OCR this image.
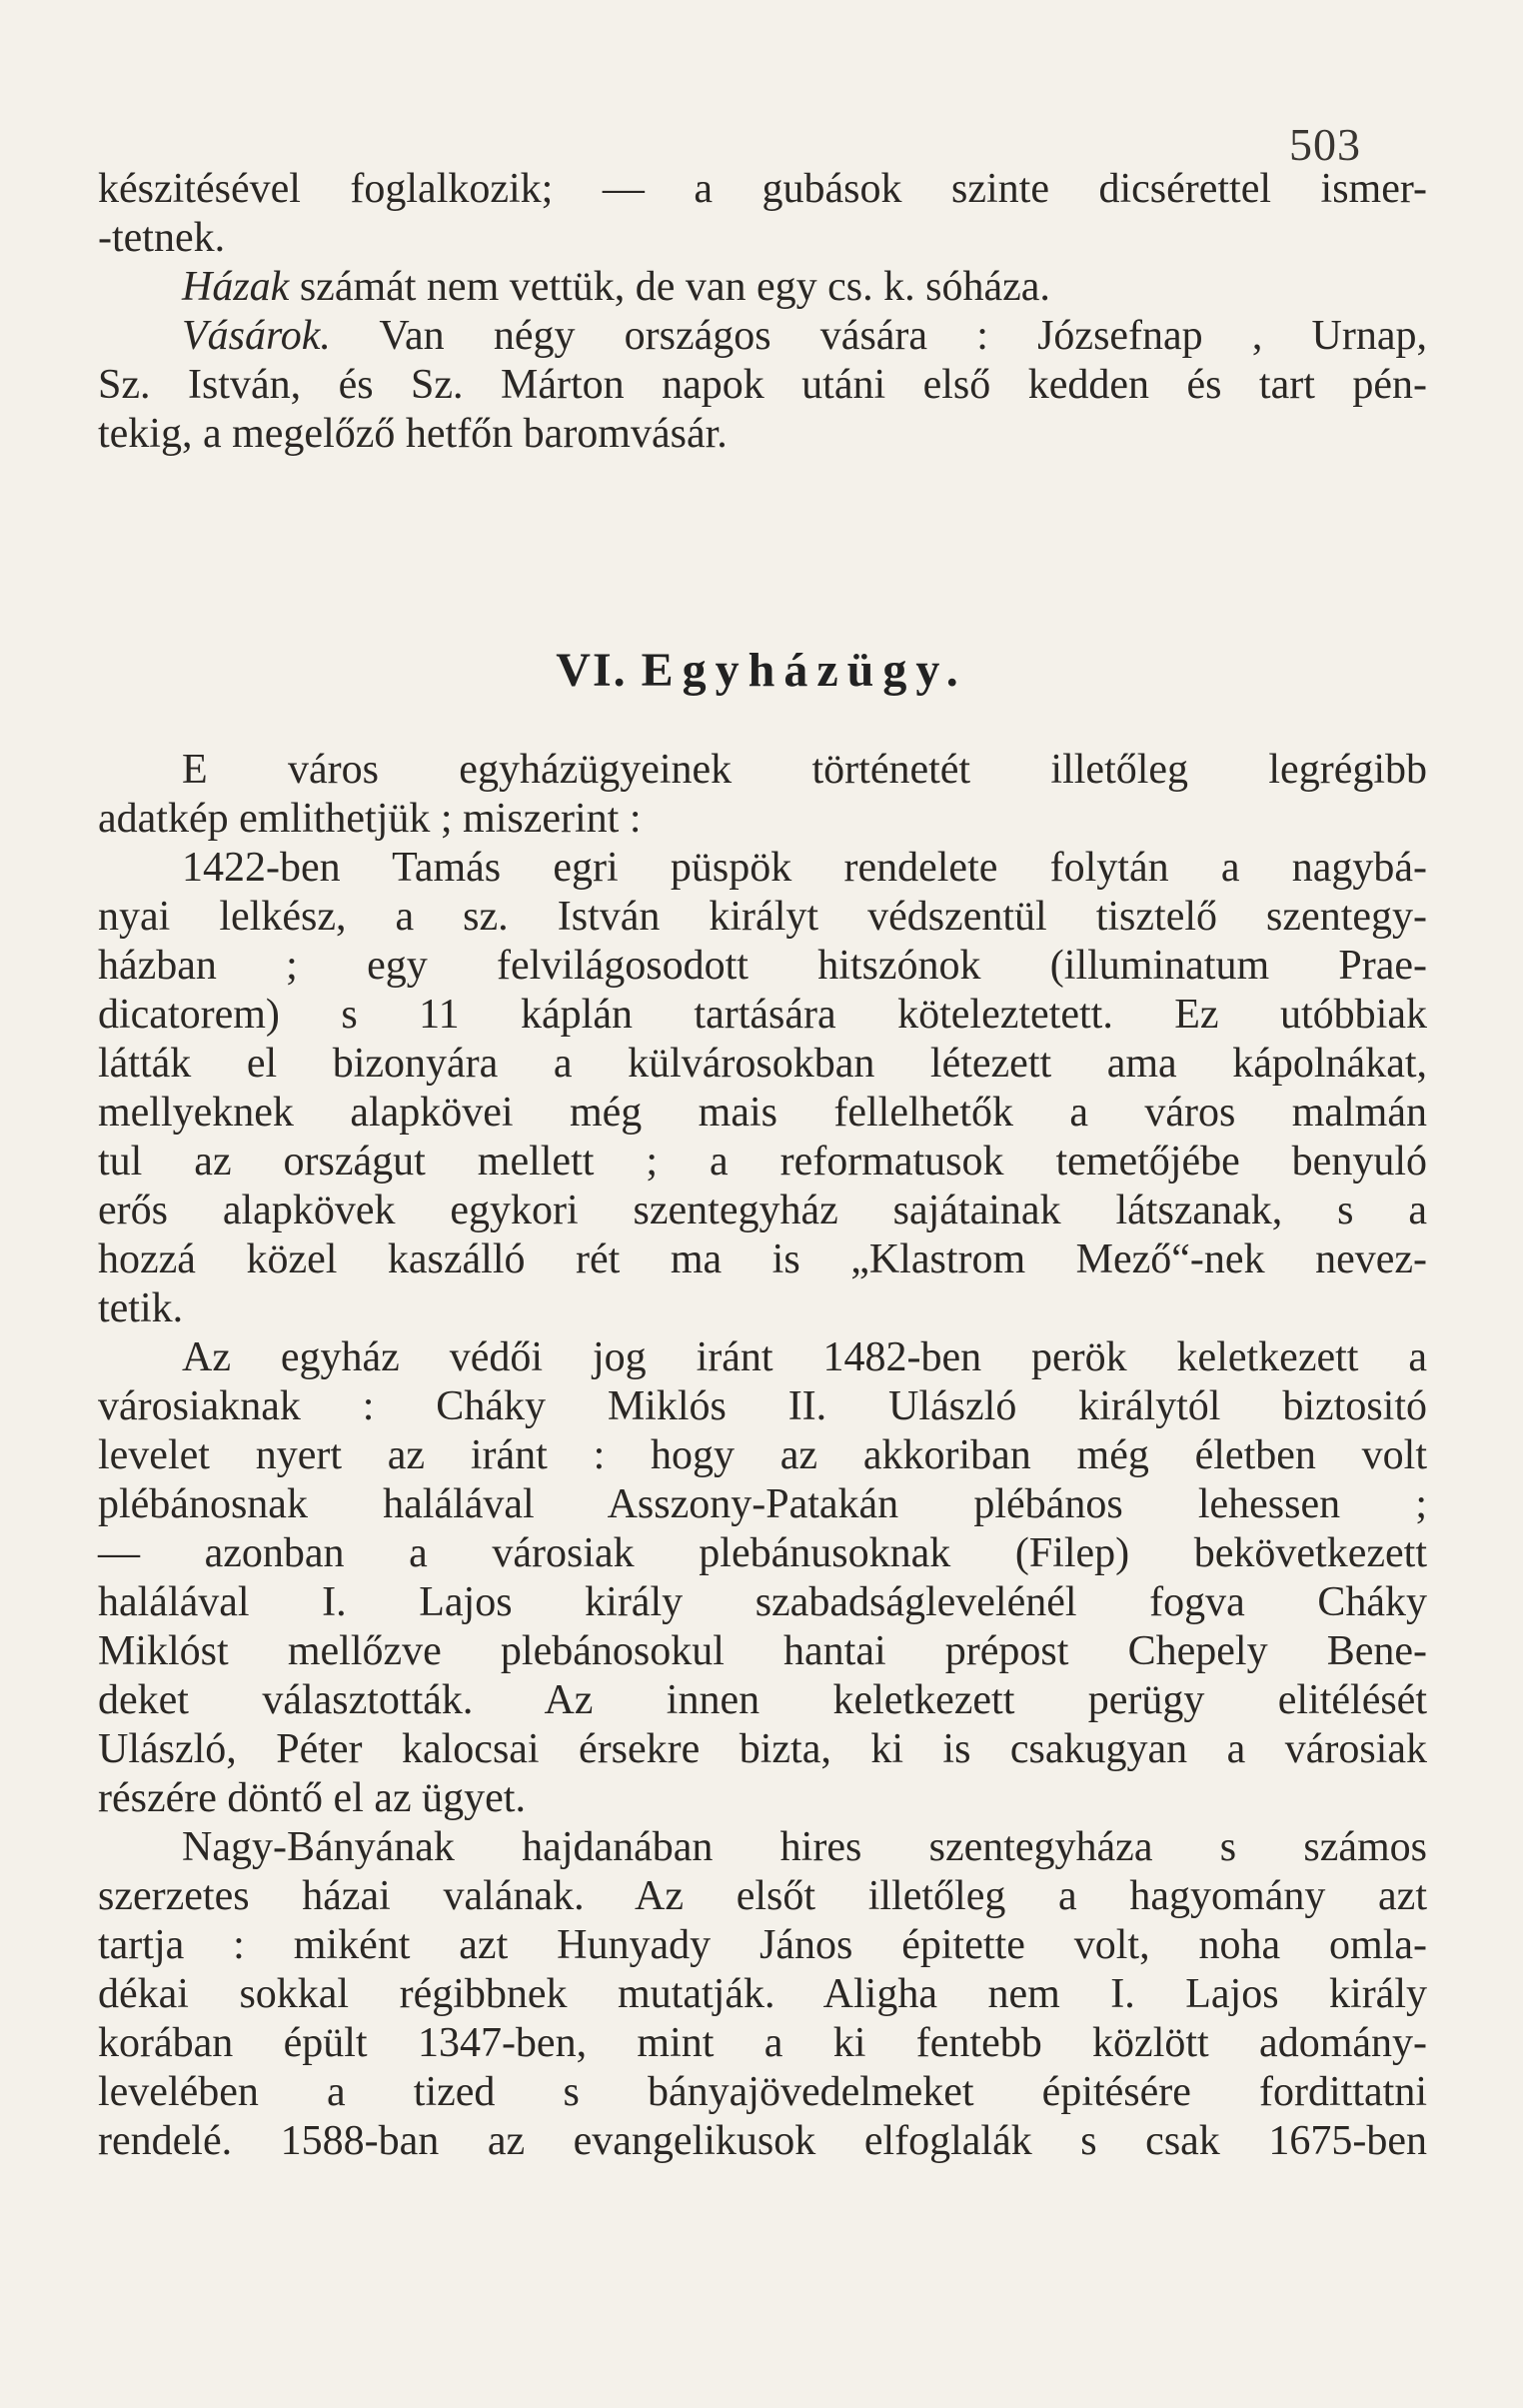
503
készitésével foglalkozik; — a gubások szinte dicsérettel ismer-
-tetnek.
Házak számát nem vettük, de van egy cs. k. sóháza.
Vásárok. Van négy országos vására : Józsefnap , Urnap,
Sz. István, és Sz. Márton napok utáni első kedden és tart pén-
tekig, a megelőző hetfőn baromvásár.
VI. Egyházügy.
E város egyházügyeinek történetét illetőleg legrégibb
adatkép emlithetjük ; miszerint :
1422-ben Tamás egri püspök rendelete folytán a nagybá-
nyai lelkész, a sz. István királyt védszentül tisztelő szentegy-
házban ; egy felvilágosodott hitszónok (illuminatum Prae-
dicatorem) s 11 káplán tartására köteleztetett. Ez utóbbiak
látták el bizonyára a külvárosokban létezett ama kápolnákat,
mellyeknek alapkövei még mais fellelhetők a város malmán
tul az országut mellett ; a reformatusok temetőjébe benyuló
erős alapkövek egykori szentegyház sajátainak látszanak, s a
hozzá közel kaszálló rét ma is „Klastrom Mező“-nek nevez-
tetik.
Az egyház védői jog iránt 1482-ben perök keletkezett a
városiaknak : Cháky Miklós II. Ulászló királytól biztositó
levelet nyert az iránt : hogy az akkoriban még életben volt
plébánosnak halálával Asszony-Patakán plébános lehessen ;
— azonban a városiak plebánusoknak (Filep) bekövetkezett
halálával I. Lajos király szabadságlevelénél fogva Cháky
Miklóst mellőzve plebánosokul hantai prépost Chepely Bene-
deket választották. Az innen keletkezett perügy elitélését
Ulászló, Péter kalocsai érsekre bizta, ki is csakugyan a városiak
részére döntő el az ügyet.
Nagy-Bányának hajdanában hires szentegyháza s számos
szerzetes házai valának. Az elsőt illetőleg a hagyomány azt
tartja : miként azt Hunyady János épitette volt, noha omla-
dékai sokkal régibbnek mutatják. Aligha nem I. Lajos király
korában épült 1347-ben, mint a ki fentebb közlött adomány-
levelében a tized s bányajövedelmeket épitésére fordittatni
rendelé. 1588-ban az evangelikusok elfoglalák s csak 1675-ben
